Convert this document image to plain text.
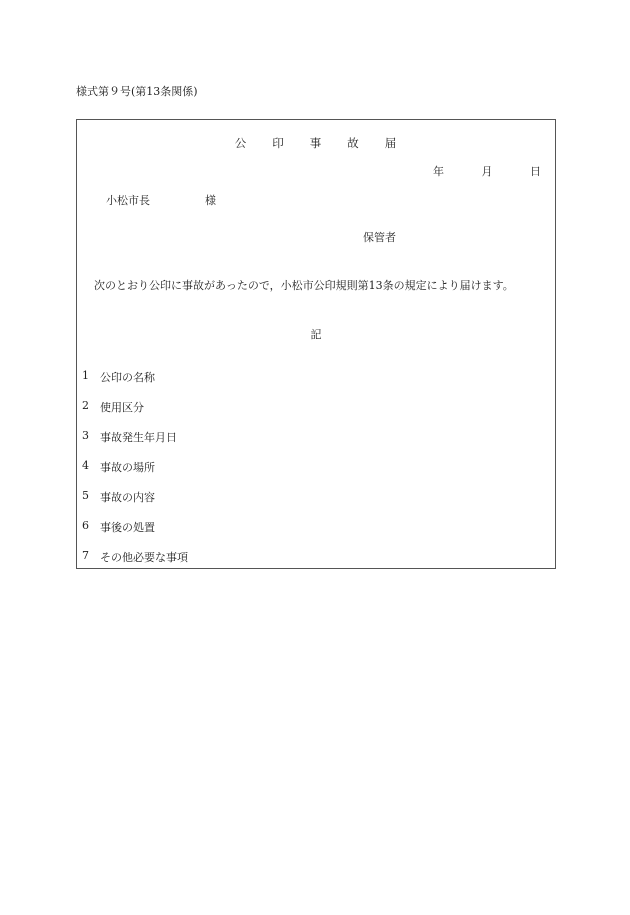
様式第９号(第13条関係)
公　　印　　事　　故　　届
年	月	日
小松市長　　　　　様
保管者
次のとおり公印に事故があったので，小松市公印規則第13条の規定により届けます。
記
1	公印の名称
2	使用区分
3	事故発生年月日
4	事故の場所
5	事故の内容
6	事後の処置
7	その他必要な事項
